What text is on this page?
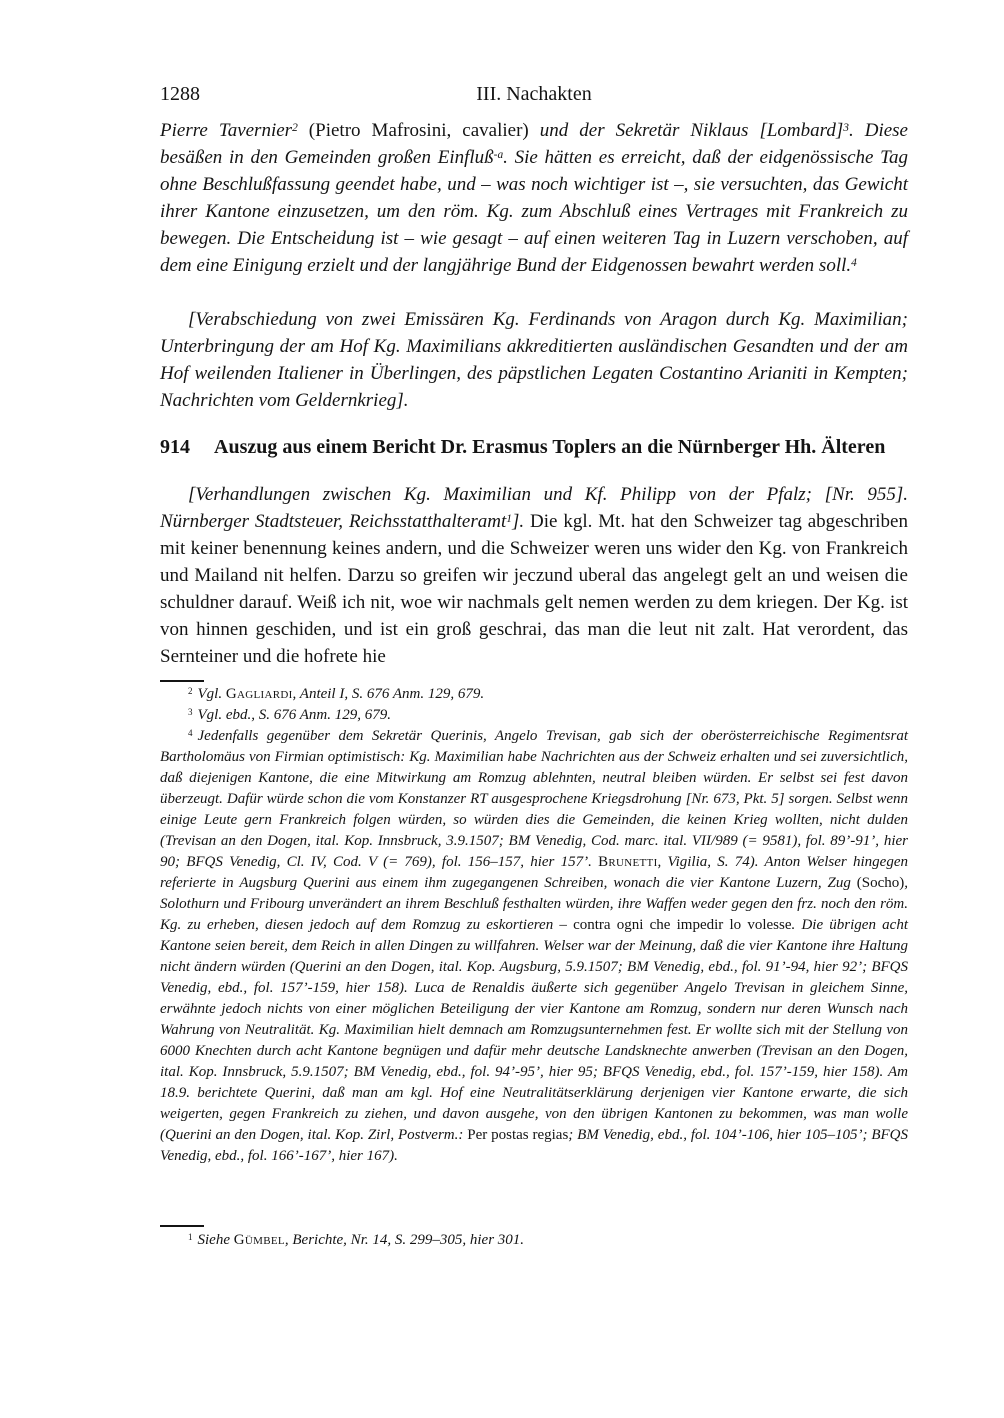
1288	III. Nachakten

Pierre Tavernier$^2$ (Pietro Mafrosini, cavalier) und der Sekretär Niklaus [Lombard]$^3$. Diese besäßen in den Gemeinden großen Einfluß$^{-a}$. Sie hätten es erreicht, daß der eidgenössische Tag ohne Beschlußfassung geendet habe, und – was noch wichtiger ist –, sie versuchten, das Gewicht ihrer Kantone einzusetzen, um den röm. Kg. zum Abschluß eines Vertrages mit Frankreich zu bewegen. Die Entscheidung ist – wie gesagt – auf einen weiteren Tag in Luzern verschoben, auf dem eine Einigung erzielt und der langjährige Bund der Eidgenossen bewahrt werden soll.$^4$

[Verabschiedung von zwei Emissären Kg. Ferdinands von Aragon durch Kg. Maximilian; Unterbringung der am Hof Kg. Maximilians akkreditierten ausländischen Gesandten und der am Hof weilenden Italiener in Überlingen, des päpstlichen Legaten Costantino Arianiti in Kempten; Nachrichten vom Geldernkrieg].

914 Auszug aus einem Bericht Dr. Erasmus Toplers an die Nürnberger Hh. Älteren

[Verhandlungen zwischen Kg. Maximilian und Kf. Philipp von der Pfalz; [Nr. 955]. Nürnberger Stadtsteuer, Reichsstatthalteramt$^1$]. Die kgl. Mt. hat den Schweizer tag abgeschriben mit keiner benennung keines andern, und die Schweizer weren uns wider den Kg. von Frankreich und Mailand nit helfen. Darzu so greifen wir jeczund uberal das angelegt gelt an und weisen die schuldner darauf. Weiß ich nit, woe wir nachmals gelt nemen werden zu dem kriegen. Der Kg. ist von hinnen geschiden, und ist ein groß geschrai, das man die leut nit zalt. Hat verordent, das Sernteiner und die hofrete hie

$^2$ Vgl. Gagliardi, Anteil I, S. 676 Anm. 129, 679.

$^3$ Vgl. ebd., S. 676 Anm. 129, 679.

$^4$ Jedenfalls gegenüber dem Sekretär Querinis, Angelo Trevisan, gab sich der oberösterreichische Regimentsrat Bartholomäus von Firmian optimistisch: Kg. Maximilian habe Nachrichten aus der Schweiz erhalten und sei zuversichtlich, daß diejenigen Kantone, die eine Mitwirkung am Romzug ablehnten, neutral bleiben würden. Er selbst sei fest davon überzeugt. Dafür würde schon die vom Konstanzer RT ausgesprochene Kriegsdrohung [Nr. 673, Pkt. 5] sorgen. Selbst wenn einige Leute gern Frankreich folgen würden, so würden dies die Gemeinden, die keinen Krieg wollten, nicht dulden (Trevisan an den Dogen, ital. Kop. Innsbruck, 3.9.1507; BM Venedig, Cod. marc. ital. VII/989 (= 9581), fol. 89’-91’, hier 90; BFQS Venedig, Cl. IV, Cod. V (= 769), fol. 156–157, hier 157’. Brunetti, Vigilia, S. 74). Anton Welser hingegen referierte in Augsburg Querini aus einem ihm zugegangenen Schreiben, wonach die vier Kantone Luzern, Zug (Socho), Solothurn und Fribourg unverändert an ihrem Beschluß festhalten würden, ihre Waffen weder gegen den frz. noch den röm. Kg. zu erheben, diesen jedoch auf dem Romzug zu eskortieren – contra ogni che impedir lo volesse. Die übrigen acht Kantone seien bereit, dem Reich in allen Dingen zu willfahren. Welser war der Meinung, daß die vier Kantone ihre Haltung nicht ändern würden (Querini an den Dogen, ital. Kop. Augsburg, 5.9.1507; BM Venedig, ebd., fol. 91’-94, hier 92’; BFQS Venedig, ebd., fol. 157’-159, hier 158). Luca de Renaldis äußerte sich gegenüber Angelo Trevisan in gleichem Sinne, erwähnte jedoch nichts von einer möglichen Beteiligung der vier Kantone am Romzug, sondern nur deren Wunsch nach Wahrung von Neutralität. Kg. Maximilian hielt demnach am Romzugsunternehmen fest. Er wollte sich mit der Stellung von 6000 Knechten durch acht Kantone begnügen und dafür mehr deutsche Landsknechte anwerben (Trevisan an den Dogen, ital. Kop. Innsbruck, 5.9.1507; BM Venedig, ebd., fol. 94’-95’, hier 95; BFQS Venedig, ebd., fol. 157’-159, hier 158). Am 18.9. berichtete Querini, daß man am kgl. Hof eine Neutralitätserklärung derjenigen vier Kantone erwarte, die sich weigerten, gegen Frankreich zu ziehen, und davon ausgehe, von den übrigen Kantonen zu bekommen, was man wolle (Querini an den Dogen, ital. Kop. Zirl, Postverm.: Per postas regias; BM Venedig, ebd., fol. 104’-106, hier 105–105’; BFQS Venedig, ebd., fol. 166’-167’, hier 167).

$^1$ Siehe Gümbel, Berichte, Nr. 14, S. 299–305, hier 301.
